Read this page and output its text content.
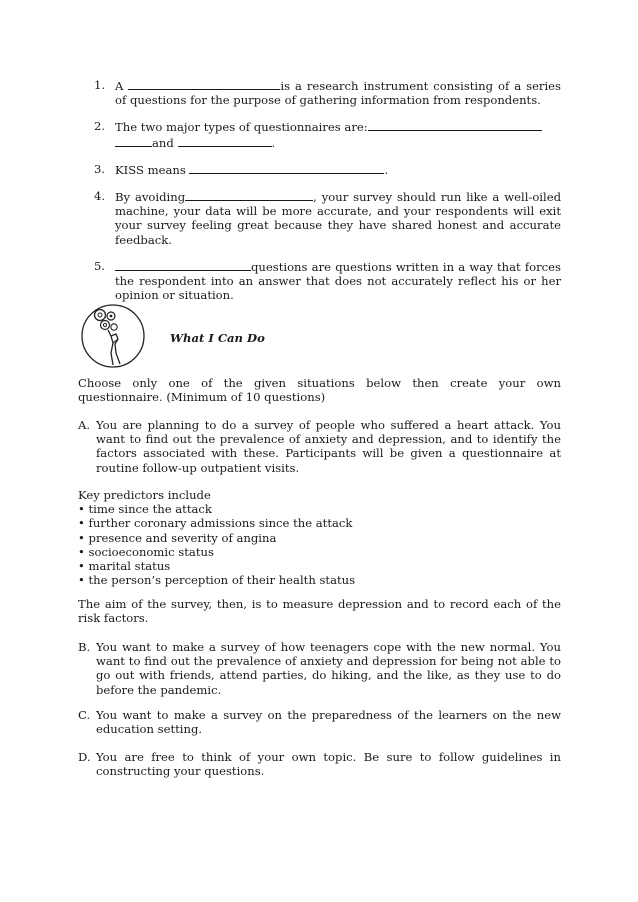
1. A	is a research instrument consisting of a series of questions for the purpose of gathering information from respondents.
2. The two major types of questionnaires are:
and	.
3. KISS means	.
4. By avoiding	, your survey should run like a well-oiled machine, your data will be more accurate, and your respondents will exit your survey feeling great because they have shared honest and accurate feedback.
5.	questions are questions written in a way that forces the respondent into an answer that does not accurately reflect his or her opinion or situation.
What I Can Do
Choose only one of the given situations below then create your own questionnaire. (Minimum of 10 questions)
A. You are planning to do a survey of people who suffered a heart attack. You want to find out the prevalence of anxiety and depression, and to identify the factors associated with these. Participants will be given a questionnaire at routine follow-up outpatient visits.
Key predictors include
• time since the attack
• further coronary admissions since the attack
• presence and severity of angina
• socioeconomic status
• marital status
• the person’s perception of their health status
The aim of the survey, then, is to measure depression and to record each of the risk factors.
B. You want to make a survey of how teenagers cope with the new normal. You want to find out the prevalence of anxiety and depression for being not able to go out with friends, attend parties, do hiking, and the like, as they use to do before the pandemic.
C. You want to make a survey on the preparedness of the learners on the new education setting.
D. You are free to think of your own topic. Be sure to follow guidelines in constructing your questions.
